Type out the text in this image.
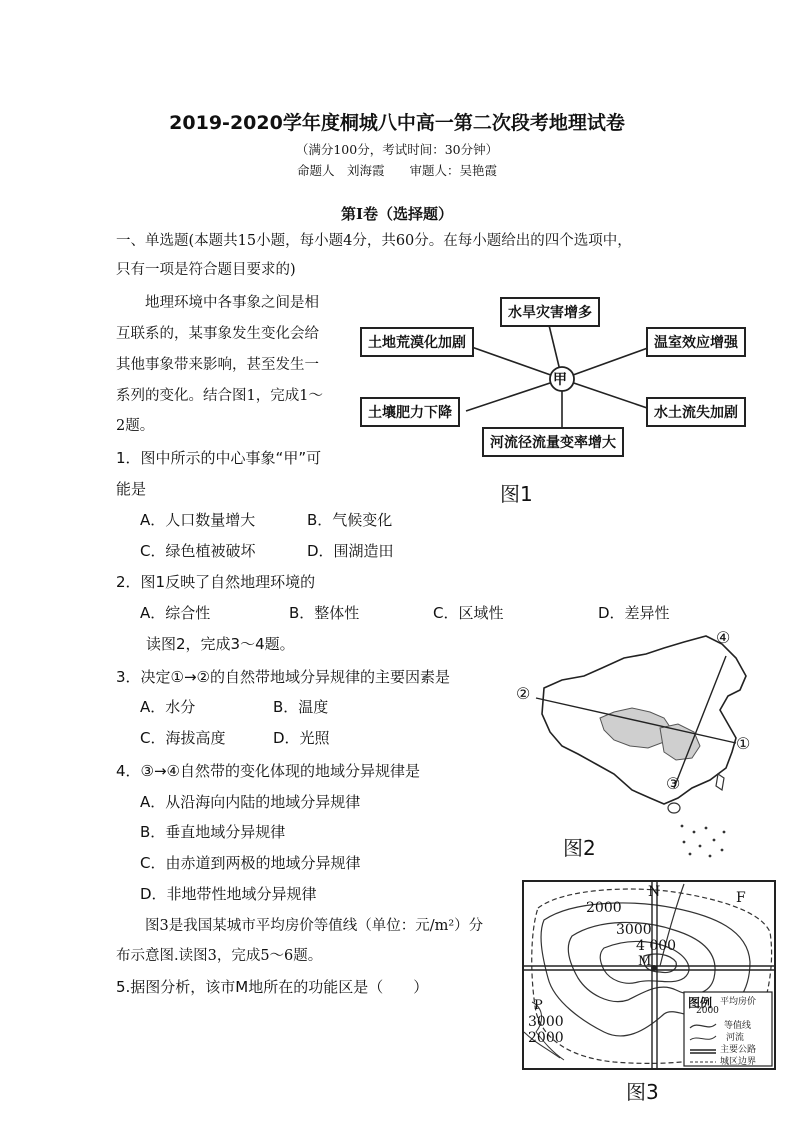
2019-2020学年度桐城八中高一第二次段考地理试卷
（满分100分，考试时间：30分钟）
命题人　刘海霞　　审题人：吴艳霞
第Ⅰ卷（选择题）
一、单选题(本题共15小题，每小题4分，共60分。在每小题给出的四个选项中，
只有一项是符合题目要求的)
地理环境中各事象之间是相
互联系的，某事象发生变化会给
其他事象带来影响，甚至发生一
系列的变化。结合图1，完成1～
2题。
甲
水旱灾害增多
土地荒漠化加剧	温室效应增强
土壤肥力下降	水土流失加剧
河流径流量变率增大
图1
1．图中所示的中心事象“甲”可
能是
A．人口数量增大	B．气候变化
C．绿色植被破坏	D．围湖造田
2．图1反映了自然地理环境的
A．综合性	B．整体性	C．区域性	D．差异性
读图2，完成3～4题。
3．决定①→②的自然带地域分异规律的主要因素是
A．水分	B．温度
C．海拔高度	D．光照
4．③→④自然带的变化体现的地域分异规律是
A．从沿海向内陆的地域分异规律
B．垂直地域分异规律
C．由赤道到两极的地域分异规律
D．非地带性地域分异规律
②
①
③
④
图2
图3是我国某城市平均房价等值线（单位：元/m²）分
布示意图.读图3，完成5～6题。
5.据图分析，该市M地所在的功能区是（　　）
N	F
M
P
2000
3000
4 000
3000
2000
图例 平均房价
2000
等值线
河流
主要公路
城区边界
图3
